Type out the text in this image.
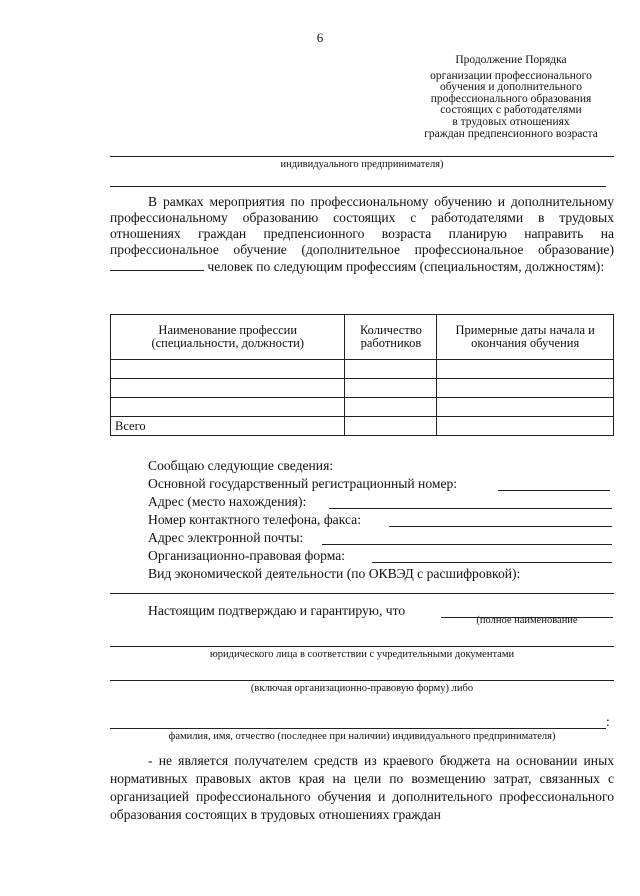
6
Продолжение Порядка
организации профессионального
обучения и дополнительного
профессионального образования
состоящих с работодателями
в трудовых отношениях
граждан предпенсионного возраста
индивидуального предпринимателя)

В рамках мероприятия по профессиональному обучению и дополнительному профессиональному образованию состоящих с работодателями в трудовых отношениях граждан предпенсионного возраста планирую направить на профессиональное обучение (дополнительное профессиональное образование)  человек по следующим профессиям (специальностям, должностям):

Наименование профессии (специальности, должности)	Количество работников	Примерные даты начала и окончания обучения

Всего		
Сообщаю следующие сведения:
Основной государственный регистрационный номер:
Адрес (место нахождения):
Номер контактного телефона, факса:
Адрес электронной почты:
Организационно-правовая форма:
Вид экономической деятельности (по ОКВЭД с расшифровкой):
Настоящим подтверждаю и гарантирую, что
(полное наименование
юридического лица в соответствии с учредительными документами
(включая организационно-правовую форму) либо
:
фамилия, имя, отчество (последнее при наличии) индивидуального предпринимателя)

- не является получателем средств из краевого бюджета на основании иных нормативных правовых актов края на цели по возмещению затрат, связанных с организацией профессионального обучения и дополнительного профессионального образования состоящих в трудовых отношениях граждан
